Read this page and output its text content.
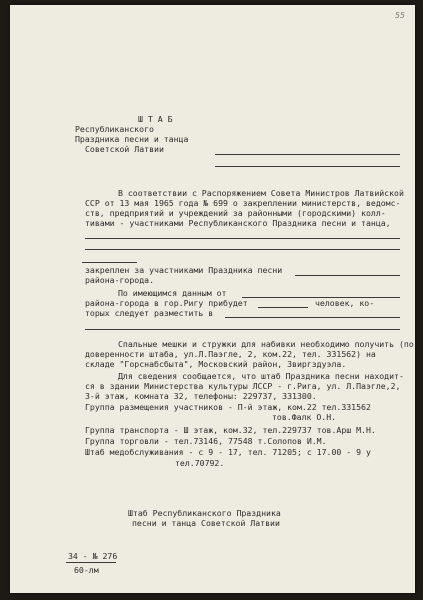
55

Ш Т А Б

Республиканского

Праздника песни и танца

Советской Латвии

В соответствии с Распоряжением Совета Министров Латвийской

ССР от 13 мая 1965 года № 699 о закреплении министерств, ведомс-

ств, предприятий и учреждений за районными (городскими) колл-

тивами - участниками Республиканского Праздника песни и танца,

закреплен за участниками Праздника песни

района-города.

По имеющимся данным от

района-города в гор.Ригу прибудет	человек, ко-

торых следует разместить в

Спальные мешки и стружки для набивки необходимо получить (по

доверенности штаба, ул.Л.Паэгле, 2, ком.22, тел. 331562) на

складе "Горснабсбыта", Московский район, Звиргздуэла.

Для сведения сообщается, что штаб Праздника песни находит-

ся в здании Министерства культуры ЛССР - г.Рига, ул. Л.Паэгле,2,

3-й этаж, комната 32, телефоны: 229737, 331300.

Группа размещения участников - П-й этаж, ком.22 тел.331562

тов.Фалк О.Н.

Группа транспорта - Ш этаж, ком.32, тел.229737 тов.Арш М.Н.

Группа торговли - тел.73146, 77548 т.Солопов И.М.

Штаб медобслуживания - с 9 - 17, тел. 71205; с 17.00 - 9 у

тел.70792.

Штаб Республиканского Праздника

песни и танца Советской Латвии

34 - № 276

60-лм
